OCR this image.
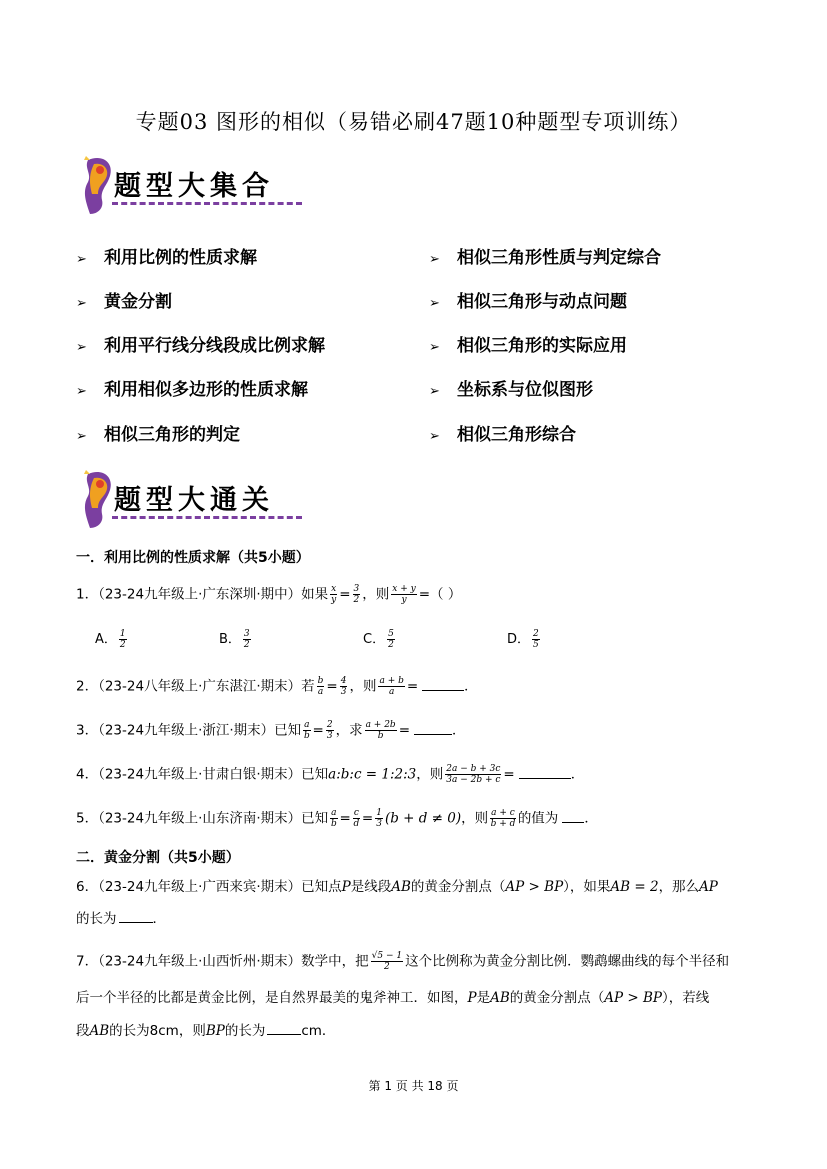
专题03 图形的相似（易错必刷47题10种题型专项训练）
题型大集合
➢ 利用比例的性质求解
➢ 黄金分割
➢ 利用平行线分线段成比例求解
➢ 利用相似多边形的性质求解
➢ 相似三角形的判定
➢ 相似三角形性质与判定综合
➢ 相似三角形与动点问题
➢ 相似三角形的实际应用
➢ 坐标系与位似图形
➢ 相似三角形综合
题型大通关
一．利用比例的性质求解（共5小题）
1．（23-24九年级上·广东深圳·期中）如果 $\frac{x}{y} = \frac{3}{2}$ ，则 $\frac{x + y}{y}$ =（ ）
A． $\frac{1}{2}$	B． $\frac{3}{2}$	C． $\frac{5}{2}$	D． $\frac{2}{5}$
2．（23-24八年级上·广东湛江·期末）若 $\frac{b}{a} = \frac{4}{3}$ ，则 $\frac{a + b}{a}$ =	．
3．（23-24九年级上·浙江·期末）已知 $\frac{a}{b} = \frac{2}{3}$ ，求 $\frac{a + 2b}{b}$ =	．
4．（23-24九年级上·甘肃白银·期末）已知a:b:c = 1:2:3，则 $\frac{2a - b + 3c}{3a - 2b + c}$ =	．
5．（23-24九年级上·山东济南·期末）已知 $\frac{a}{b} = \frac{c}{d} = \frac{1}{3} (b + d \ne 0)$，则 $\frac{a + c}{b + d}$ 的值为 ．
二．黄金分割（共5小题）
6．（23-24九年级上·广西来宾·期末）已知点P是线段AB的黄金分割点（AP > BP），如果AB = 2，那么AP
的长为	．
7．（23-24九年级上·山西忻州·期末）数学中，把 $\frac{√5 - 1}{2}$ 这个比例称为黄金分割比例．鹦鹉螺曲线的每个半径和
后一个半径的比都是黄金比例，是自然界最美的鬼斧神工．如图，P是AB的黄金分割点（AP > BP），若线
段AB的长为8cm，则BP的长为	cm．
第 1 页 共 18 页
